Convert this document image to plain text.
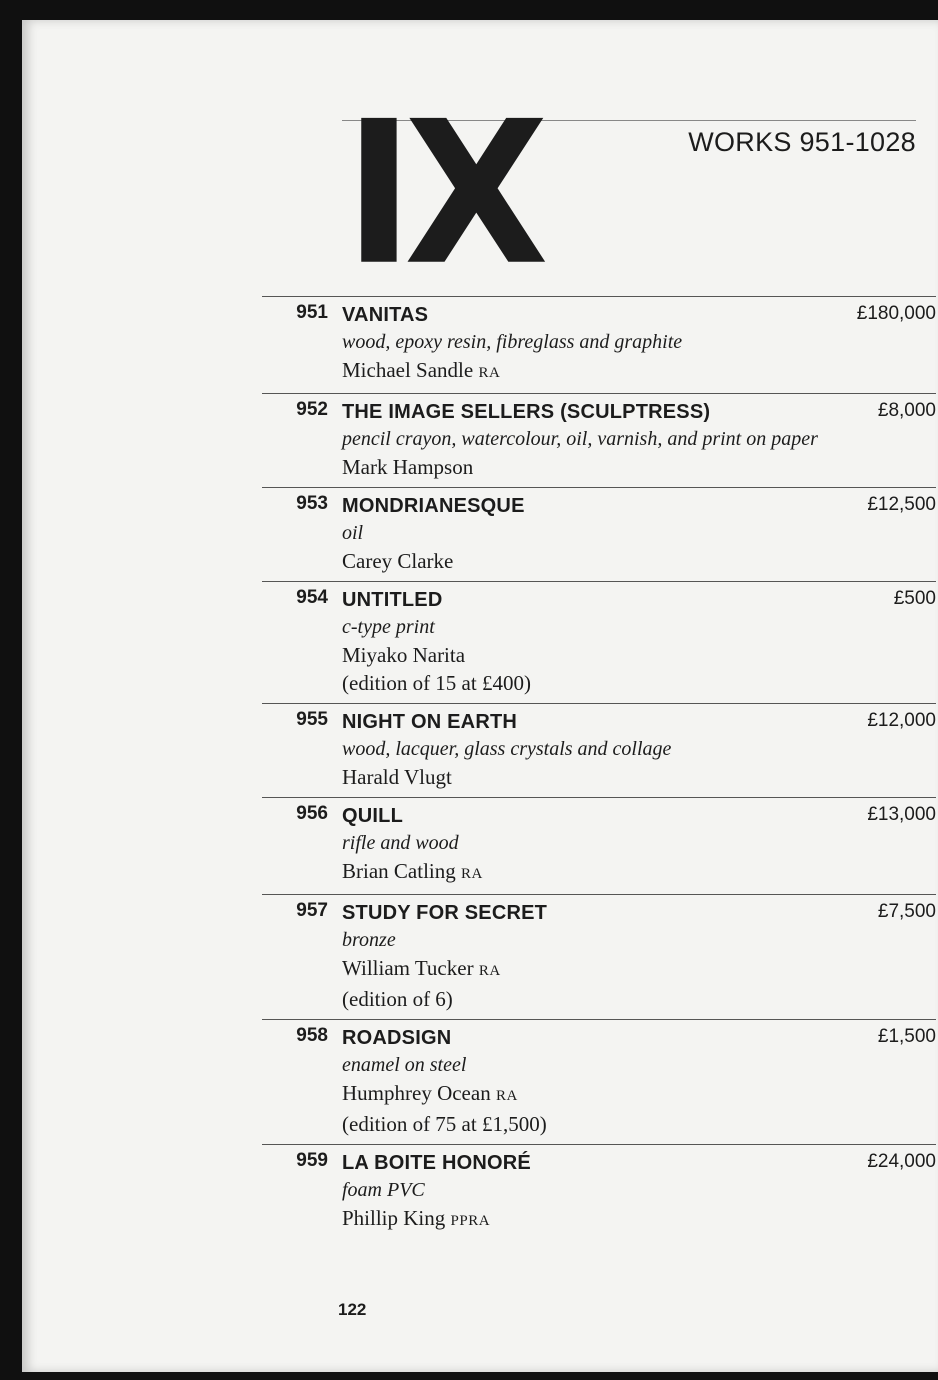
IX	WORKS 951-1028
951 VANITAS	£180,000
wood, epoxy resin, fibreglass and graphite
Michael Sandle RA
952 THE IMAGE SELLERS (SCULPTRESS)	£8,000
pencil crayon, watercolour, oil, varnish, and print on paper
Mark Hampson
953 MONDRIANESQUE	£12,500
oil
Carey Clarke
954 UNTITLED	£500
c-type print
Miyako Narita
(edition of 15 at £400)
955 NIGHT ON EARTH	£12,000
wood, lacquer, glass crystals and collage
Harald Vlugt
956 QUILL	£13,000
rifle and wood
Brian Catling RA
957 STUDY FOR SECRET	£7,500
bronze
William Tucker RA
(edition of 6)
958 ROADSIGN	£1,500
enamel on steel
Humphrey Ocean RA
(edition of 75 at £1,500)
959 LA BOITE HONORÉ	£24,000
foam PVC
Phillip King PPRA
122
